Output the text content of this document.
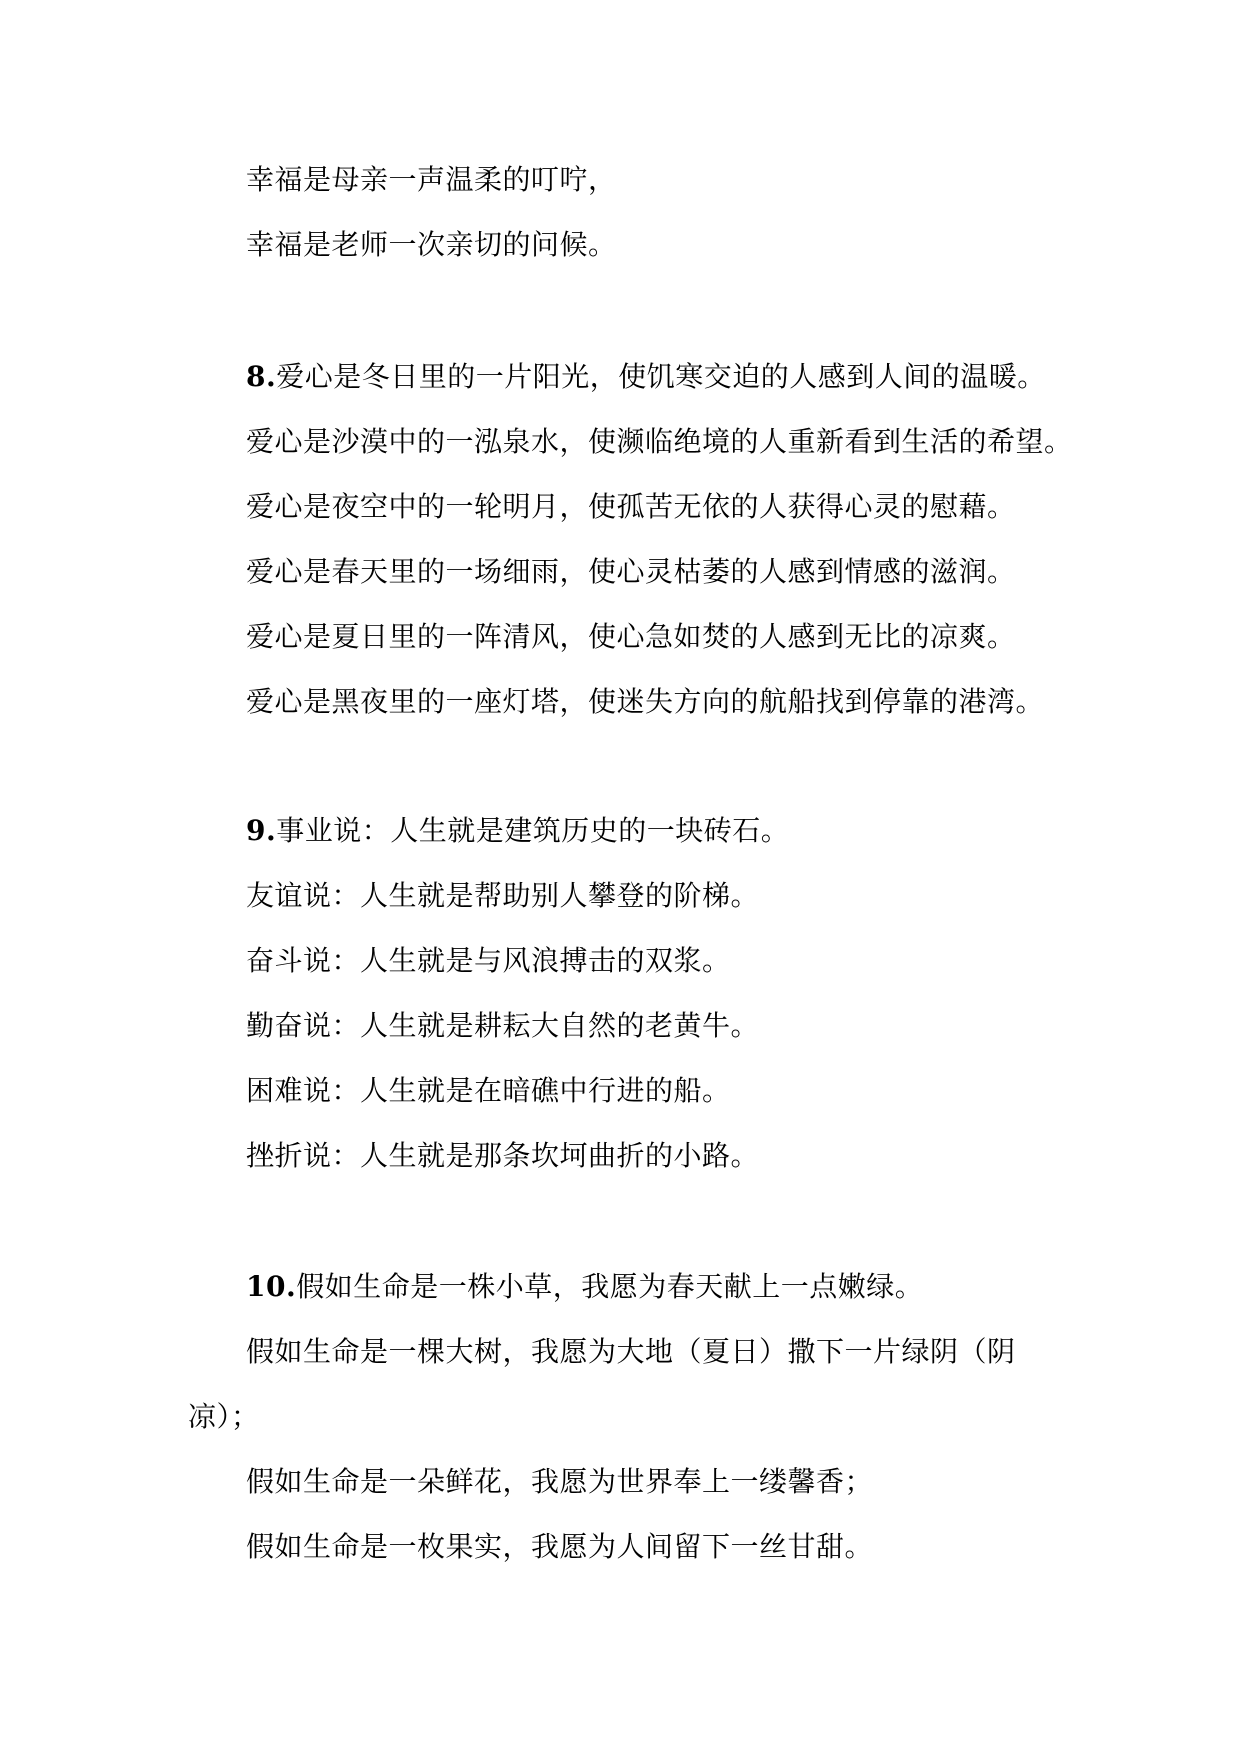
幸福是母亲一声温柔的叮咛，
幸福是老师一次亲切的问候。
8.爱心是冬日里的一片阳光，使饥寒交迫的人感到人间的温暖。
爱心是沙漠中的一泓泉水，使濒临绝境的人重新看到生活的希望。
爱心是夜空中的一轮明月，使孤苦无依的人获得心灵的慰藉。
爱心是春天里的一场细雨，使心灵枯萎的人感到情感的滋润。
爱心是夏日里的一阵清风，使心急如焚的人感到无比的凉爽。
爱心是黑夜里的一座灯塔，使迷失方向的航船找到停靠的港湾。
9.事业说：人生就是建筑历史的一块砖石。
友谊说：人生就是帮助别人攀登的阶梯。
奋斗说：人生就是与风浪搏击的双浆。
勤奋说：人生就是耕耘大自然的老黄牛。
困难说：人生就是在暗礁中行进的船。
挫折说：人生就是那条坎坷曲折的小路。
10.假如生命是一株小草，我愿为春天献上一点嫩绿。
假如生命是一棵大树，我愿为大地（夏日）撒下一片绿阴（阴
凉）；
假如生命是一朵鲜花，我愿为世界奉上一缕馨香；
假如生命是一枚果实，我愿为人间留下一丝甘甜。
